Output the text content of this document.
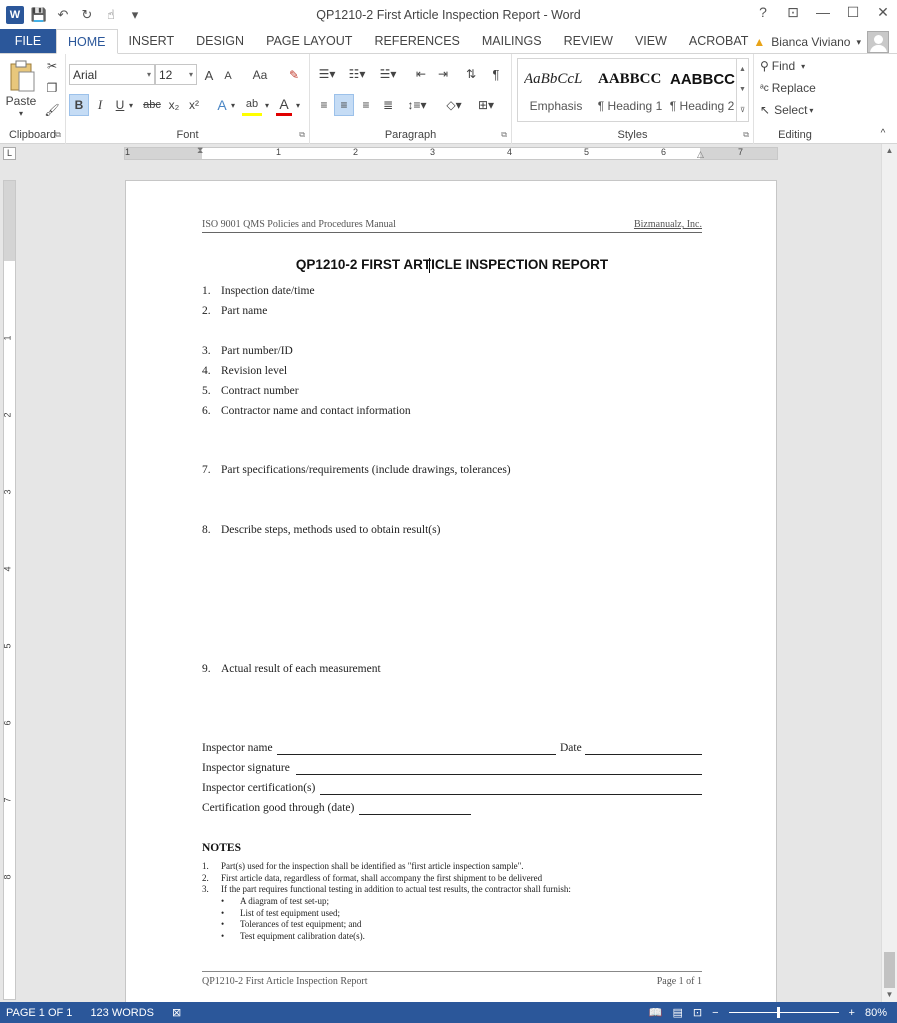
W 💾 ↶ ↻	☝	▾	QP1210-2 First Article Inspection Report - Word	? ⊡ — ☐ ✕
FILE	HOME	INSERT	DESIGN	PAGE LAYOUT	REFERENCES	MAILINGS	REVIEW	VIEW	ACROBAT ▲ Bianca Viviano ▾
Paste
▾
✂
❐
🖌
Clipboard ⧉
Arial	▾ 12 ▾ A	A	Aa	✎
B	I	U ▾ abc x₂ x² A ▾ ab ▾ A ▾
Font	⧉
☰▾	☷▾	☱▾	⇤ ⇥	⇅	¶
≡	≡	≡	≣	↕≡▾	◇▾	⊞▾
Paragraph	⧉	Styles	⧉
AaBbCcL
Emphasis
AABBCC
¶ Heading 1
AABBCC
¶ Heading 2
▲
▼
⊽
⚲ Find ▾
ᵃc Replace
↖ Select ▾
Editing	^
L	1	1	2	3	4	5	6	7
⧗	△
1
2
3
4
5
6
7
8
▲
▼
ISO 9001 QMS Policies and Procedures Manual	Bizmanualz, Inc.
QP1210-2 FIRST ARTICLE INSPECTION REPORT
1. Inspection date/time
2. Part name
3. Part number/ID
4. Revision level
5. Contract number
6. Contractor name and contact information
7. Part specifications/requirements (include drawings, tolerances)
8. Describe steps, methods used to obtain result(s)
9. Actual result of each measurement
Inspector name	Date
Inspector signature
Inspector certification(s)
Certification good through (date)
NOTES
1. Part(s) used for the inspection shall be identified as "first article inspection sample".
2. First article data, regardless of format, shall accompany the first shipment to be delivered
3. If the part requires functional testing in addition to actual test results, the contractor shall furnish:
• A diagram of test set-up;
• List of test equipment used;
• Tolerances of test equipment; and
• Test equipment calibration date(s).
QP1210-2 First Article Inspection Report	Page 1 of 1
PAGE 1 OF 1 123 WORDS ⊠	📖 ▤ ⊡ −	+ 80%
